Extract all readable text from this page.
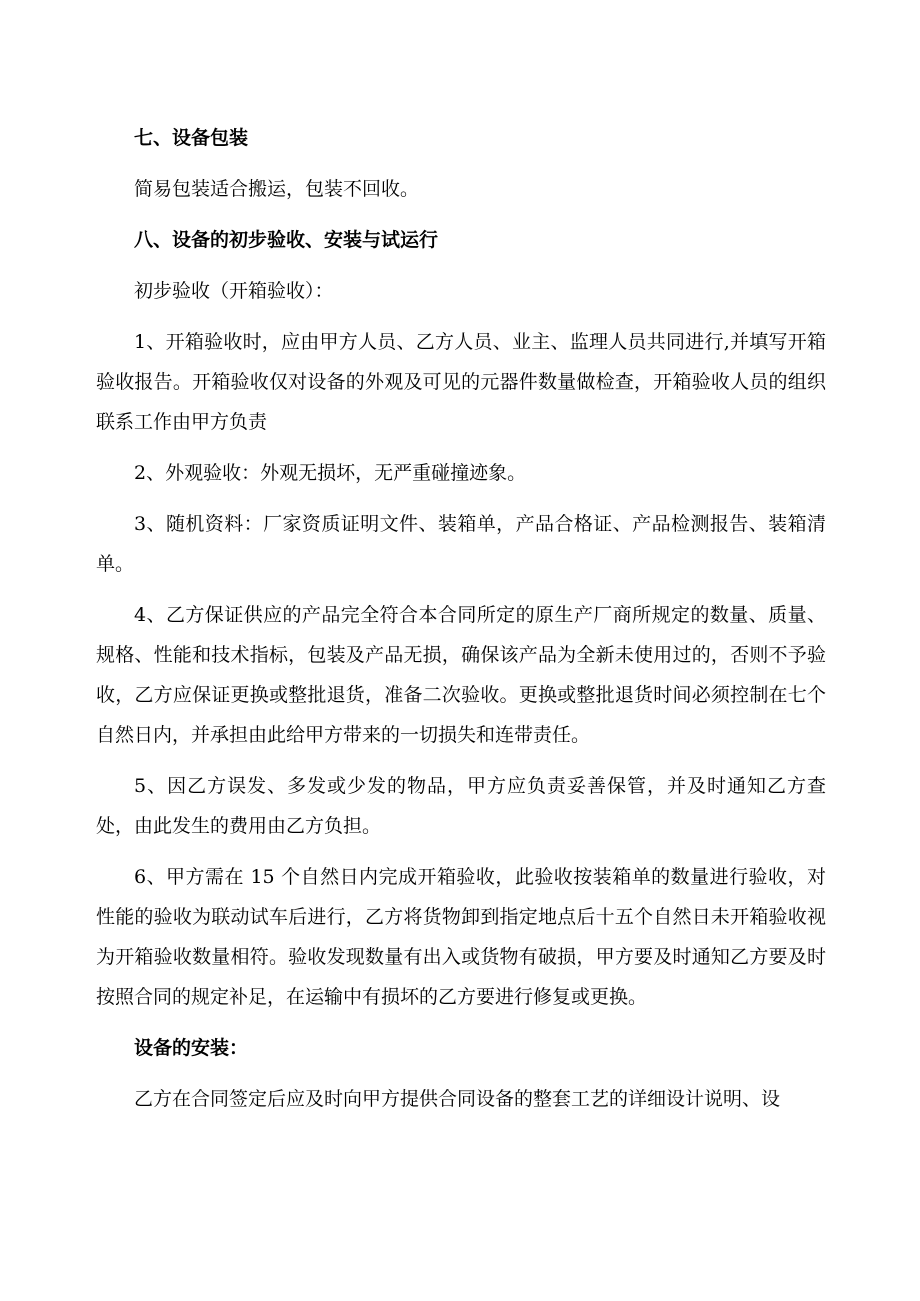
七、设备包装

简易包装适合搬运，包装不回收。

八、设备的初步验收、安装与试运行

初步验收（开箱验收）：

1、开箱验收时，应由甲方人员、乙方人员、业主、监理人员共同进行,并填写开箱验收报告。开箱验收仅对设备的外观及可见的元器件数量做检查，开箱验收人员的组织联系工作由甲方负责

2、外观验收：外观无损坏，无严重碰撞迹象。

3、随机资料：厂家资质证明文件、装箱单，产品合格证、产品检测报告、装箱清单。

4、乙方保证供应的产品完全符合本合同所定的原生产厂商所规定的数量、质量、规格、性能和技术指标，包装及产品无损，确保该产品为全新未使用过的，否则不予验收，乙方应保证更换或整批退货，准备二次验收。更换或整批退货时间必须控制在七个自然日内，并承担由此给甲方带来的一切损失和连带责任。

5、因乙方误发、多发或少发的物品，甲方应负责妥善保管，并及时通知乙方查处，由此发生的费用由乙方负担。

6、甲方需在 15 个自然日内完成开箱验收，此验收按装箱单的数量进行验收，对性能的验收为联动试车后进行，乙方将货物卸到指定地点后十五个自然日未开箱验收视为开箱验收数量相符。验收发现数量有出入或货物有破损，甲方要及时通知乙方要及时按照合同的规定补足，在运输中有损坏的乙方要进行修复或更换。

设备的安装：

乙方在合同签定后应及时向甲方提供合同设备的整套工艺的详细设计说明、设
